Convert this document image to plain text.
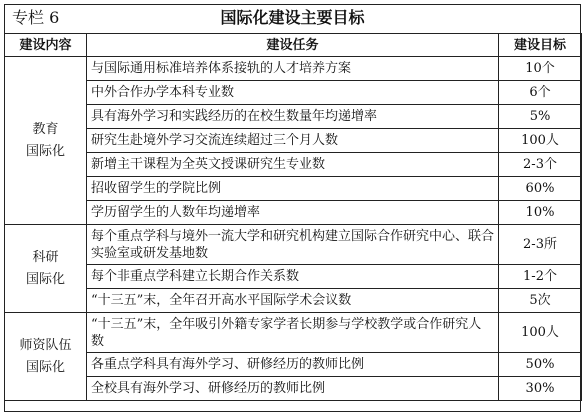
专栏 6	国际化建设主要目标
建设内容	建设任务	建设目标
教育
国际化	与国际通用标准培养体系接轨的人才培养方案	10个
	中外合作办学本科专业数	6个
	具有海外学习和实践经历的在校生数量年均递增率	5%
	研究生赴境外学习交流连续超过三个月人数	100人
	新增主干课程为全英文授课研究生专业数	2-3个
	招收留学生的学院比例	60%
	学历留学生的人数年均递增率	10%
科研
国际化	每个重点学科与境外一流大学和研究机构建立国际合作研究中心、联合实验室或研发基地数	2-3所
	每个非重点学科建立长期合作关系数	1-2个
	“十三五”末，全年召开高水平国际学术会议数	5次
师资队伍
国际化	“十三五”末，全年吸引外籍专家学者长期参与学校教学或合作研究人数	100人
	各重点学科具有海外学习、研修经历的教师比例	50%
	全校具有海外学习、研修经历的教师比例	30%
